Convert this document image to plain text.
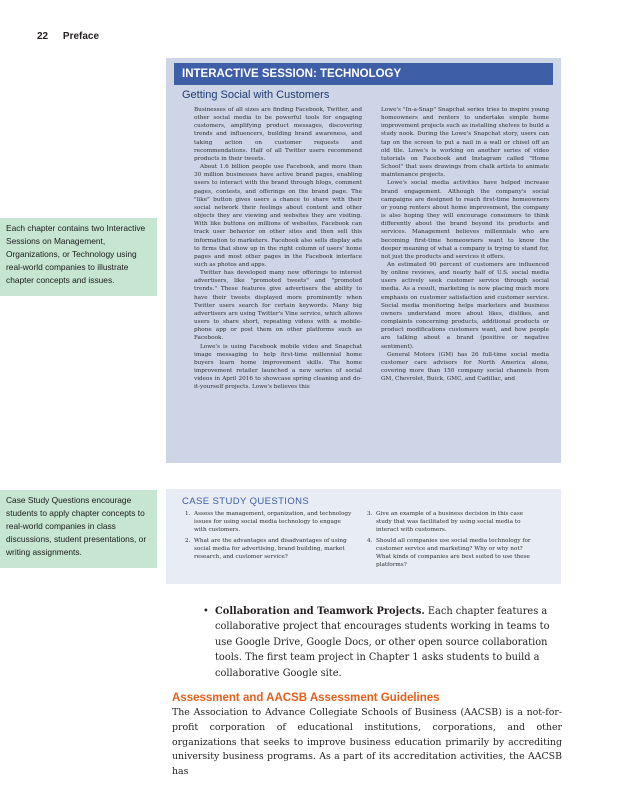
22 Preface
INTERACTIVE SESSION: TECHNOLOGY
Getting Social with Customers

Businesses of all sizes are finding Facebook, Twitter, and other social media to be powerful tools for engaging customers, amplifying product messages, discovering trends and influencers, building brand awareness, and taking action on customer requests and recommendations. Half of all Twitter users recommend products in their tweets.

About 1.6 billion people use Facebook, and more than 30 million businesses have active brand pages, enabling users to interact with the brand through blogs, comment pages, contests, and offerings on the brand page. The "like" button gives users a chance to share with their social network their feelings about content and other objects they are viewing and websites they are visiting. With like buttons on millions of websites, Facebook can track user behavior on other sites and then sell this information to marketers. Facebook also sells display ads to firms that show up in the right column of users' home pages and most other pages in the Facebook interface such as photos and apps.

Twitter has developed many new offerings to interest advertisers, like "promoted tweets" and "promoted trends." These features give advertisers the ability to have their tweets displayed more prominently when Twitter users search for certain keywords. Many big advertisers are using Twitter's Vine service, which allows users to share short, repeating videos with a mobile-phone app or post them on other platforms such as Facebook.

Lowe's is using Facebook mobile video and Snapchat image messaging to help first-time millennial home buyers learn home improvement skills. The home improvement retailer launched a new series of social videos in April 2016 to showcase spring cleaning and do-it-yourself projects. Lowe's believes this

Lowe's "In-a-Snap" Snapchat series tries to inspire young homeowners and renters to undertake simple home improvement projects such as installing shelves to build a study nook. During the Lowe's Snapchat story, users can tap on the screen to put a nail in a wall or chisel off an old tile. Lowe's is working on another series of video tutorials on Facebook and Instagram called "Home School" that uses drawings from chalk artists to animate maintenance projects.

Lowe's social media activities have helped increase brand engagement. Although the company's social campaigns are designed to reach first-time homeowners or young renters about home improvement, the company is also hoping they will encourage consumers to think differently about the brand beyond its products and services. Management believes millennials who are becoming first-time homeowners want to know the deeper meaning of what a company is trying to stand for, not just the products and services it offers.

An estimated 90 percent of customers are influenced by online reviews, and nearly half of U.S. social media users actively seek customer service through social media. As a result, marketing is now placing much more emphasis on customer satisfaction and customer service. Social media monitoring helps marketers and business owners understand more about likes, dislikes, and complaints concerning products, additional products or product modifications customers want, and how people are talking about a brand (positive or negative sentiment).

General Motors (GM) has 26 full-time social media customer care advisors for North America alone, covering more than 150 company social channels from GM, Chevrolet, Buick, GMC, and Cadillac, and

Each chapter contains two Interactive Sessions on Management, Organizations, or Technology using real-world companies to illustrate chapter concepts and issues.
Case Study Questions encourage students to apply chapter concepts to real-world companies in class discussions, student presentations, or writing assignments.
CASE STUDY QUESTIONS
1. Assess the management, organization, and technology issues for using social media technology to engage with customers.
2. What are the advantages and disadvantages of using social media for advertising, brand building, market research, and customer service?
3. Give an example of a business decision in this case study that was facilitated by using social media to interact with customers.
4. Should all companies use social media technology for customer service and marketing? Why or why not? What kinds of companies are best suited to use these platforms?
• Collaboration and Teamwork Projects. Each chapter features a collaborative project that encourages students working in teams to use Google Drive, Google Docs, or other open source collaboration tools. The first team project in Chapter 1 asks students to build a collaborative Google site.
Assessment and AACSB Assessment Guidelines

The Association to Advance Collegiate Schools of Business (AACSB) is a not-for-profit corporation of educational institutions, corporations, and other organizations that seeks to improve business education primarily by accrediting university business programs. As a part of its accreditation activities, the AACSB has
